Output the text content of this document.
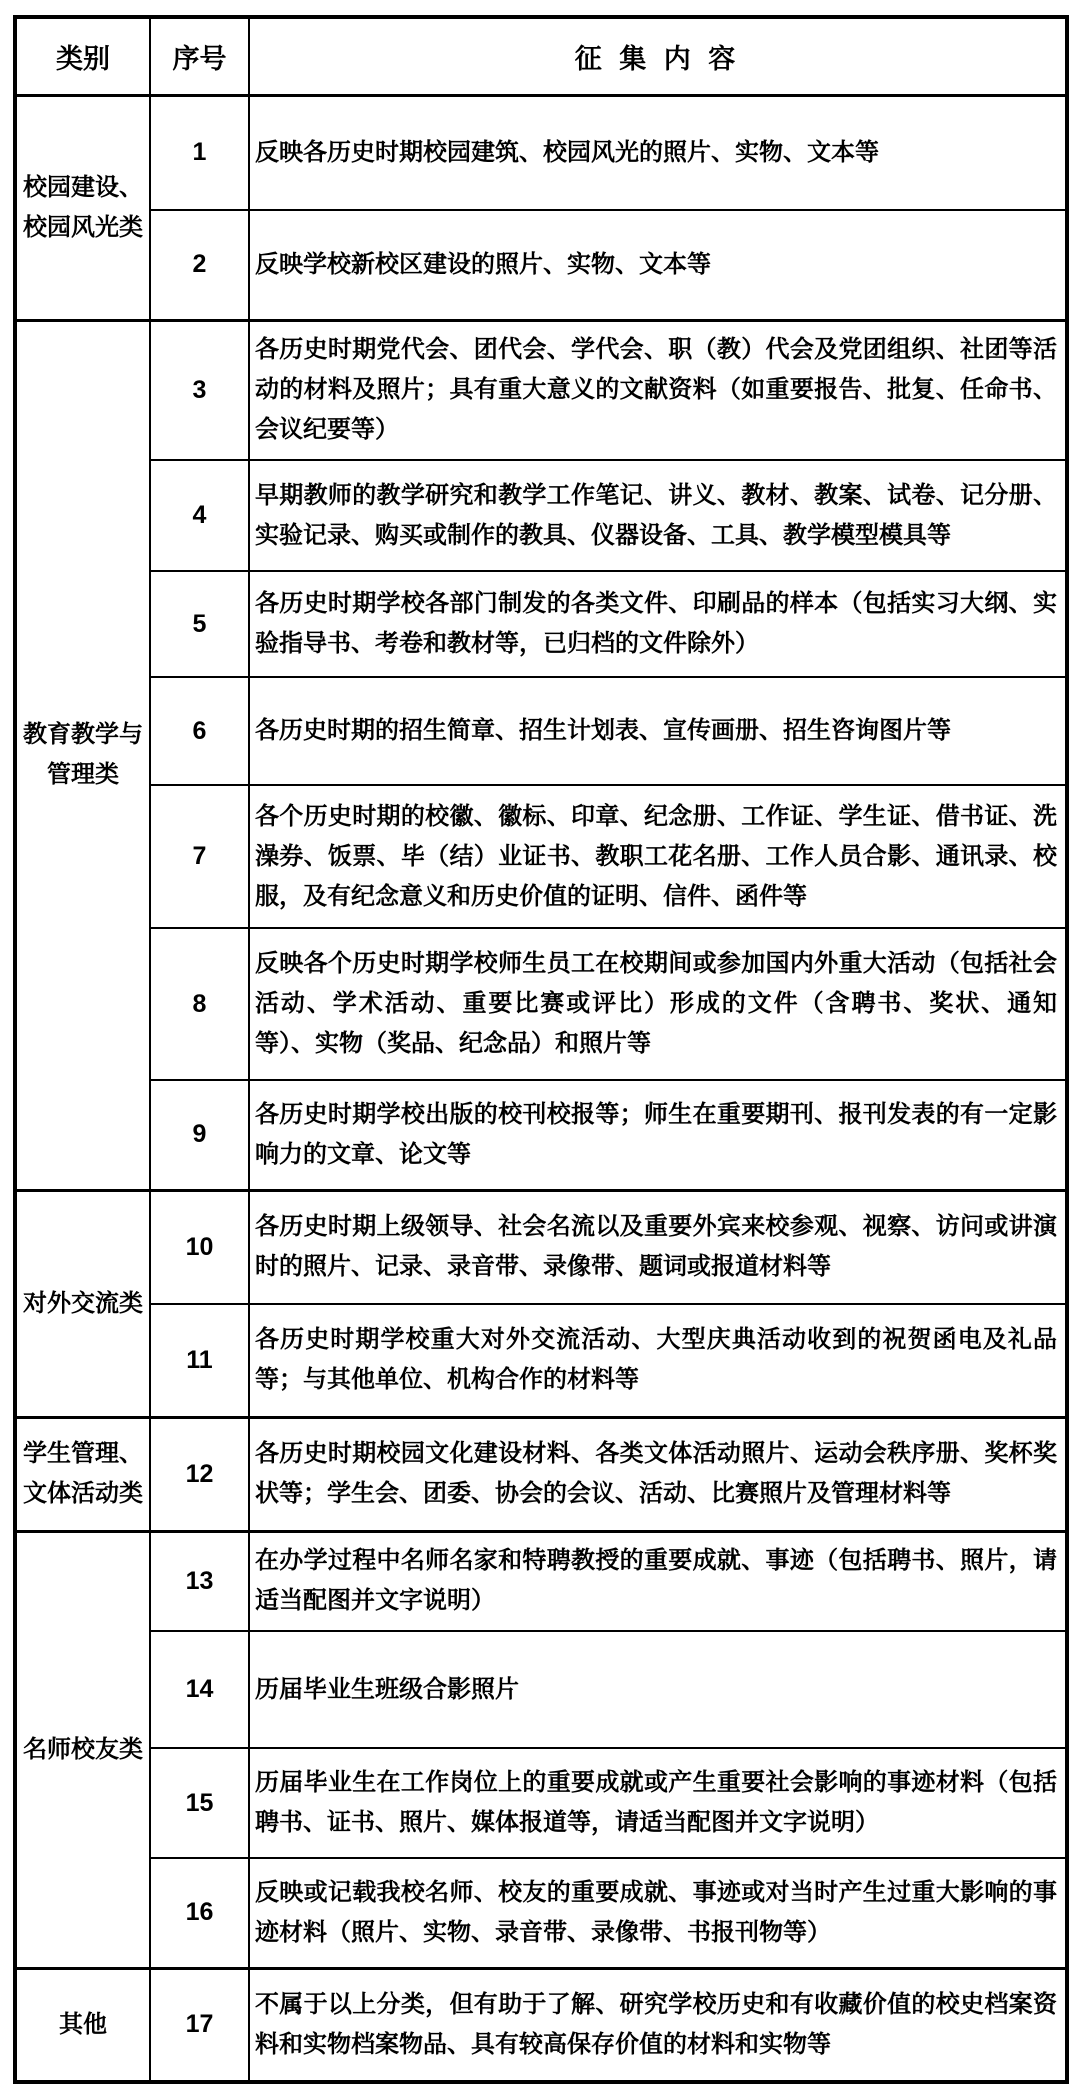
类别	序号	征 集 内 容
校园建设、校园风光类	1	反映各历史时期校园建筑、校园风光的照片、实物、文本等
	2	反映学校新校区建设的照片、实物、文本等
教育教学与管理类	3	各历史时期党代会、团代会、学代会、职（教）代会及党团组织、社团等活动的材料及照片；具有重大意义的文献资料（如重要报告、批复、任命书、会议纪要等）
	4	早期教师的教学研究和教学工作笔记、讲义、教材、教案、试卷、记分册、实验记录、购买或制作的教具、仪器设备、工具、教学模型模具等
	5	各历史时期学校各部门制发的各类文件、印刷品的样本（包括实习大纲、实验指导书、考卷和教材等，已归档的文件除外）
	6	各历史时期的招生简章、招生计划表、宣传画册、招生咨询图片等
	7	各个历史时期的校徽、徽标、印章、纪念册、工作证、学生证、借书证、洗澡券、饭票、毕（结）业证书、教职工花名册、工作人员合影、通讯录、校服，及有纪念意义和历史价值的证明、信件、函件等
	8	反映各个历史时期学校师生员工在校期间或参加国内外重大活动（包括社会活动、学术活动、重要比赛或评比）形成的文件（含聘书、奖状、通知等）、实物（奖品、纪念品）和照片等
	9	各历史时期学校出版的校刊校报等；师生在重要期刊、报刊发表的有一定影响力的文章、论文等
对外交流类	10	各历史时期上级领导、社会名流以及重要外宾来校参观、视察、访问或讲演时的照片、记录、录音带、录像带、题词或报道材料等
	11	各历史时期学校重大对外交流活动、大型庆典活动收到的祝贺函电及礼品等；与其他单位、机构合作的材料等
学生管理、文体活动类	12	各历史时期校园文化建设材料、各类文体活动照片、运动会秩序册、奖杯奖状等；学生会、团委、协会的会议、活动、比赛照片及管理材料等
名师校友类	13	在办学过程中名师名家和特聘教授的重要成就、事迹（包括聘书、照片，请适当配图并文字说明）
	14	历届毕业生班级合影照片
	15	历届毕业生在工作岗位上的重要成就或产生重要社会影响的事迹材料（包括聘书、证书、照片、媒体报道等，请适当配图并文字说明）
	16	反映或记载我校名师、校友的重要成就、事迹或对当时产生过重大影响的事迹材料（照片、实物、录音带、录像带、书报刊物等）
其他	17	不属于以上分类，但有助于了解、研究学校历史和有收藏价值的校史档案资料和实物档案物品、具有较高保存价值的材料和实物等
